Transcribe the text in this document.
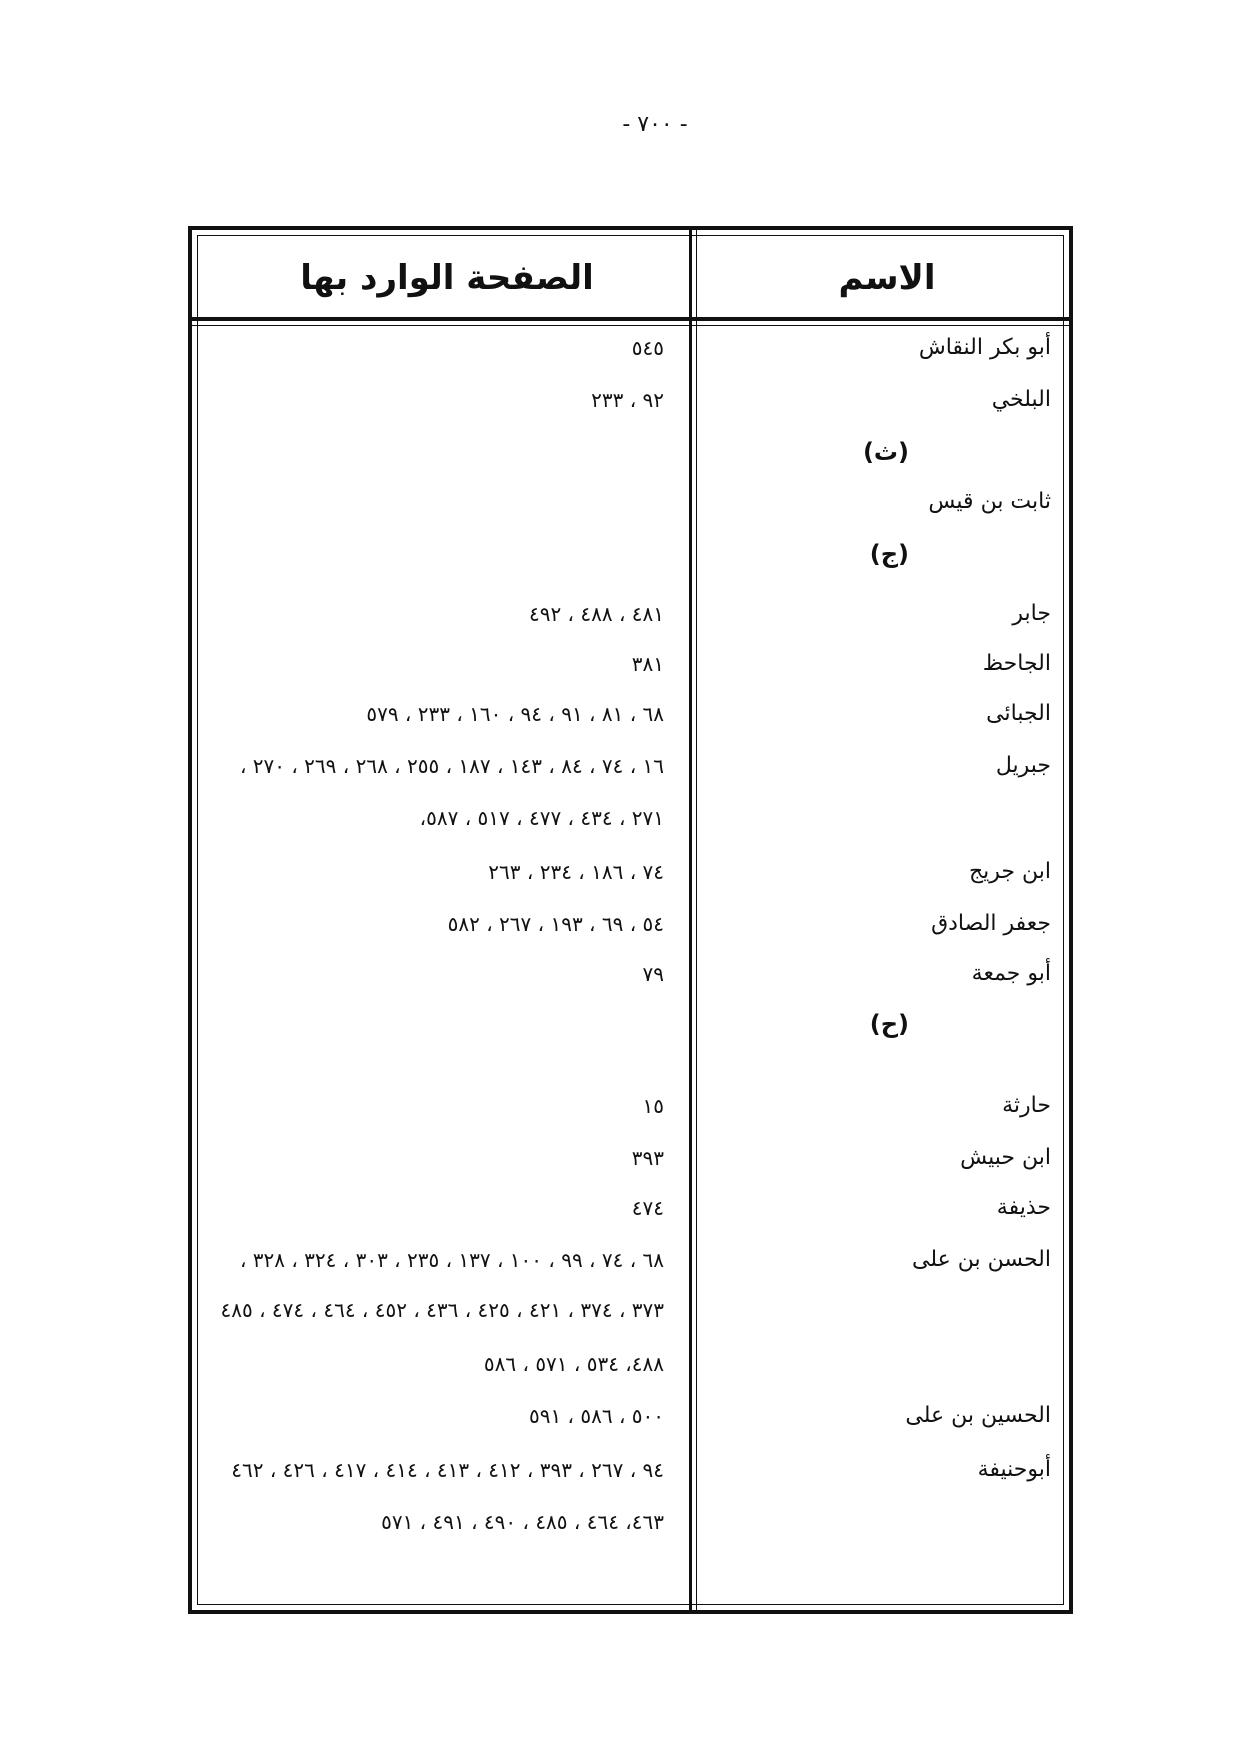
- ٧٠٠ -
الصفحة الوارد بها	الاسم
أبو بكر النقاش
٥٤٥
البلخي
٩٢ ، ٢٣٣
(ث)
ثابت بن قيس
(ج)
جابر
٤٨١ ، ٤٨٨ ، ٤٩٢
الجاحظ
٣٨١
الجبائى
٦٨ ، ٨١ ، ٩١ ، ٩٤ ، ١٦٠ ، ٢٣٣ ، ٥٧٩
جبريل
١٦ ، ٧٤ ، ٨٤ ، ١٤٣ ، ١٨٧ ، ٢٥٥ ، ٢٦٨ ، ٢٦٩ ، ٢٧٠ ،
٢٧١ ، ٤٣٤ ، ٤٧٧ ، ٥١٧ ، ٥٨٧،
ابن جريج
٧٤ ، ١٨٦ ، ٢٣٤ ، ٢٦٣
جعفر الصادق
٥٤ ، ٦٩ ، ١٩٣ ، ٢٦٧ ، ٥٨٢
أبو جمعة
٧٩
(ح)
حارثة
١٥
ابن حبيش
٣٩٣
حذيفة
٤٧٤
الحسن بن على
٦٨ ، ٧٤ ، ٩٩ ، ١٠٠ ، ١٣٧ ، ٢٣٥ ، ٣٠٣ ، ٣٢٤ ، ٣٢٨ ،
٣٧٣ ، ٣٧٤ ، ٤٢١ ، ٤٢٥ ، ٤٣٦ ، ٤٥٢ ، ٤٦٤ ، ٤٧٤ ، ٤٨٥
٤٨٨، ٥٣٤ ، ٥٧١ ، ٥٨٦
الحسين بن على
٥٠٠ ، ٥٨٦ ، ٥٩١
أبوحنيفة
٩٤ ، ٢٦٧ ، ٣٩٣ ، ٤١٢ ، ٤١٣ ، ٤١٤ ، ٤١٧ ، ٤٢٦ ، ٤٦٢
٤٦٣، ٤٦٤ ، ٤٨٥ ، ٤٩٠ ، ٤٩١ ، ٥٧١
